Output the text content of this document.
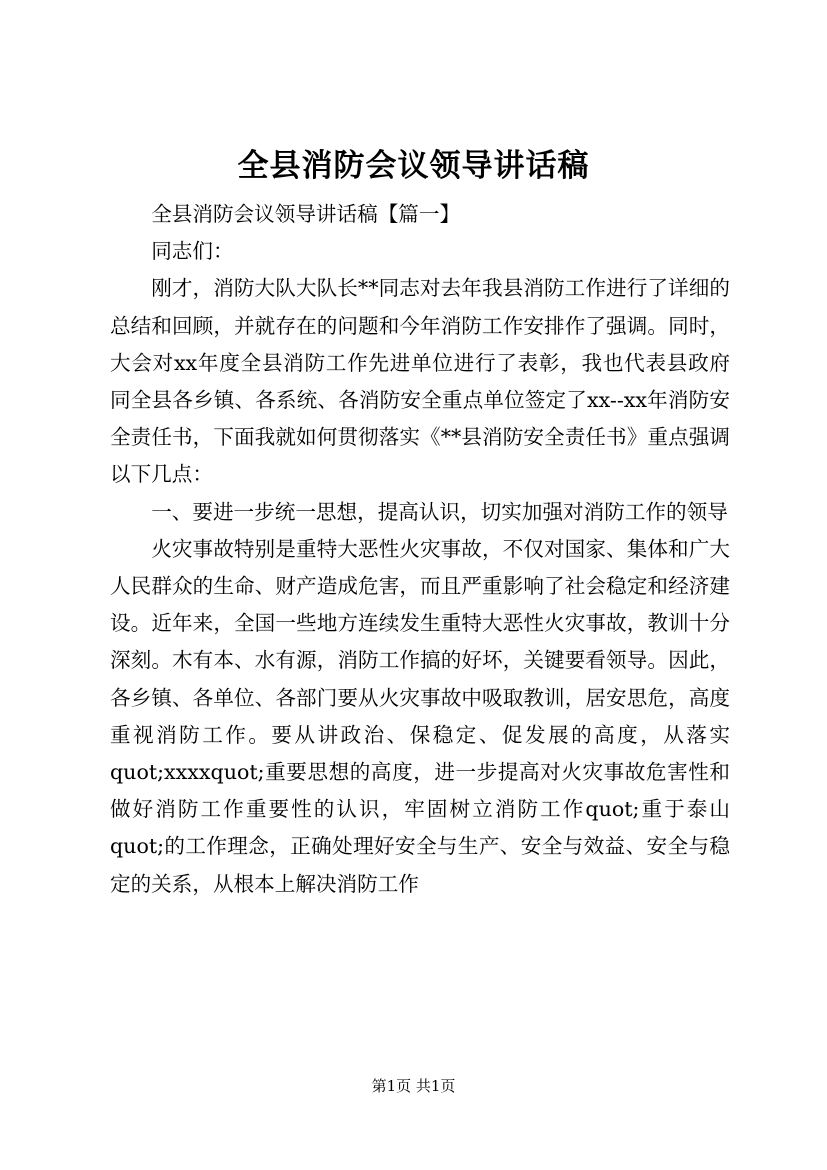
全县消防会议领导讲话稿

全县消防会议领导讲话稿【篇一】

同志们：

刚才，消防大队大队长**同志对去年我县消防工作进行了详细的总结和回顾，并就存在的问题和今年消防工作安排作了强调。同时，大会对xx年度全县消防工作先进单位进行了表彰，我也代表县政府同全县各乡镇、各系统、各消防安全重点单位签定了xx--xx年消防安全责任书，下面我就如何贯彻落实《**县消防安全责任书》重点强调以下几点：

一、要进一步统一思想，提高认识，切实加强对消防工作的领导

火灾事故特别是重特大恶性火灾事故，不仅对国家、集体和广大人民群众的生命、财产造成危害，而且严重影响了社会稳定和经济建设。近年来，全国一些地方连续发生重特大恶性火灾事故，教训十分深刻。木有本、水有源，消防工作搞的好坏，关键要看领导。因此，各乡镇、各单位、各部门要从火灾事故中吸取教训，居安思危，高度重视消防工作。要从讲政治、保稳定、促发展的高度，从落实quot;xxxxquot;重要思想的高度，进一步提高对火灾事故危害性和做好消防工作重要性的认识，牢固树立消防工作quot;重于泰山quot;的工作理念，正确处理好安全与生产、安全与效益、安全与稳定的关系，从根本上解决消防工作

第1页 共1页
